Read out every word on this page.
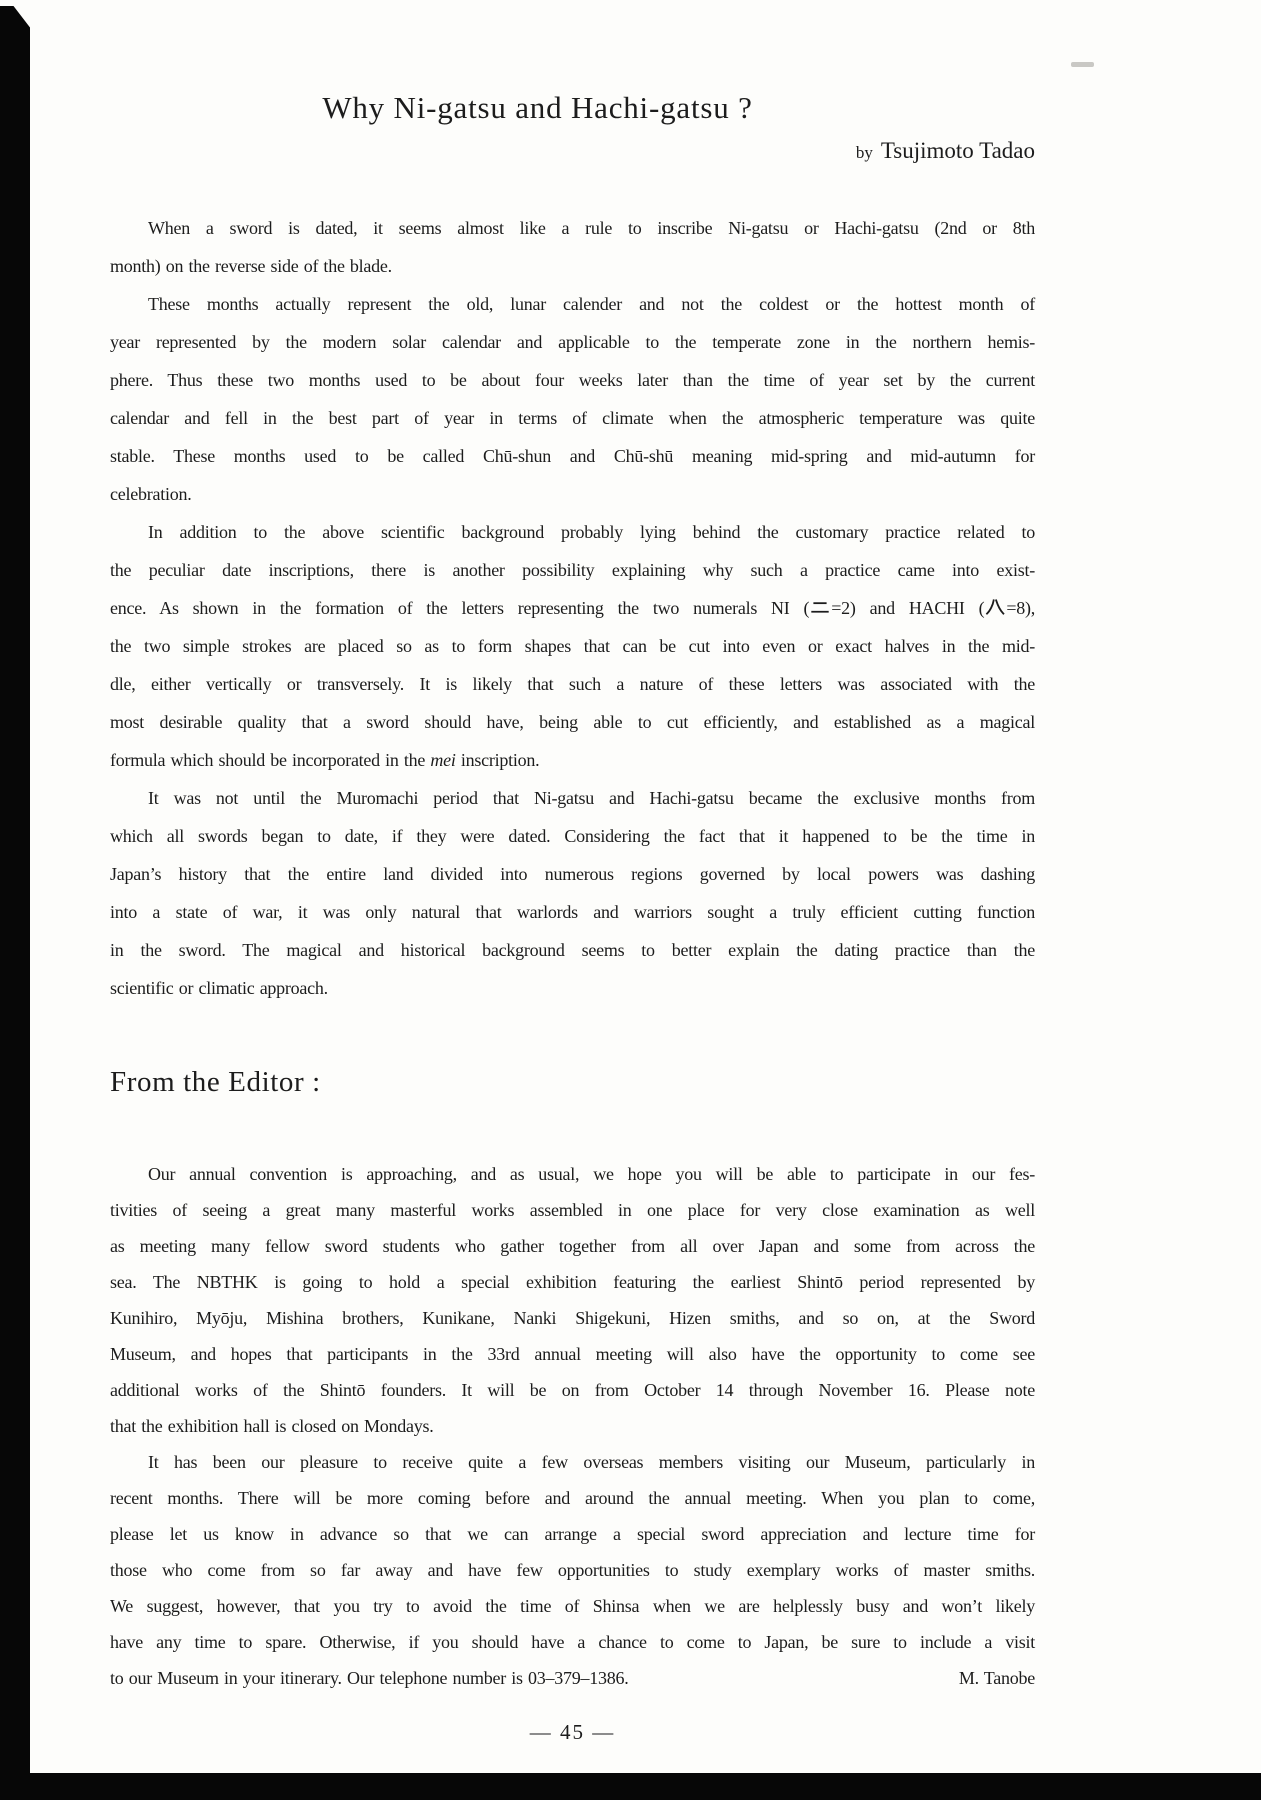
Why Ni-gatsu and Hachi-gatsu ?
by Tsujimoto Tadao
When a sword is dated, it seems almost like a rule to inscribe Ni-gatsu or Hachi-gatsu (2nd or 8th
month) on the reverse side of the blade.
These months actually represent the old, lunar calender and not the coldest or the hottest month of
year represented by the modern solar calendar and applicable to the temperate zone in the northern hemis-
phere. Thus these two months used to be about four weeks later than the time of year set by the current
calendar and fell in the best part of year in terms of climate when the atmospheric temperature was quite
stable. These months used to be called Chū-shun and Chū-shū meaning mid-spring and mid-autumn for
celebration.
In addition to the above scientific background probably lying behind the customary practice related to
the peculiar date inscriptions, there is another possibility explaining why such a practice came into exist-
ence. As shown in the formation of the letters representing the two numerals NI ( =2) and HACHI ( =8),
the two simple strokes are placed so as to form shapes that can be cut into even or exact halves in the mid-
dle, either vertically or transversely. It is likely that such a nature of these letters was associated with the
most desirable quality that a sword should have, being able to cut efficiently, and established as a magical
formula which should be incorporated in the mei inscription.
It was not until the Muromachi period that Ni-gatsu and Hachi-gatsu became the exclusive months from
which all swords began to date, if they were dated. Considering the fact that it happened to be the time in
Japan’s history that the entire land divided into numerous regions governed by local powers was dashing
into a state of war, it was only natural that warlords and warriors sought a truly efficient cutting function
in the sword. The magical and historical background seems to better explain the dating practice than the
scientific or climatic approach.
From the Editor :
Our annual convention is approaching, and as usual, we hope you will be able to participate in our fes-
tivities of seeing a great many masterful works assembled in one place for very close examination as well
as meeting many fellow sword students who gather together from all over Japan and some from across the
sea. The NBTHK is going to hold a special exhibition featuring the earliest Shintō period represented by
Kunihiro, Myōju, Mishina brothers, Kunikane, Nanki Shigekuni, Hizen smiths, and so on, at the Sword
Museum, and hopes that participants in the 33rd annual meeting will also have the opportunity to come see
additional works of the Shintō founders. It will be on from October 14 through November 16. Please note
that the exhibition hall is closed on Mondays.
It has been our pleasure to receive quite a few overseas members visiting our Museum, particularly in
recent months. There will be more coming before and around the annual meeting. When you plan to come,
please let us know in advance so that we can arrange a special sword appreciation and lecture time for
those who come from so far away and have few opportunities to study exemplary works of master smiths.
We suggest, however, that you try to avoid the time of Shinsa when we are helplessly busy and won’t likely
have any time to spare. Otherwise, if you should have a chance to come to Japan, be sure to include a visit
to our Museum in your itinerary. Our telephone number is 03–379–1386.	M. Tanobe
— 45 —
